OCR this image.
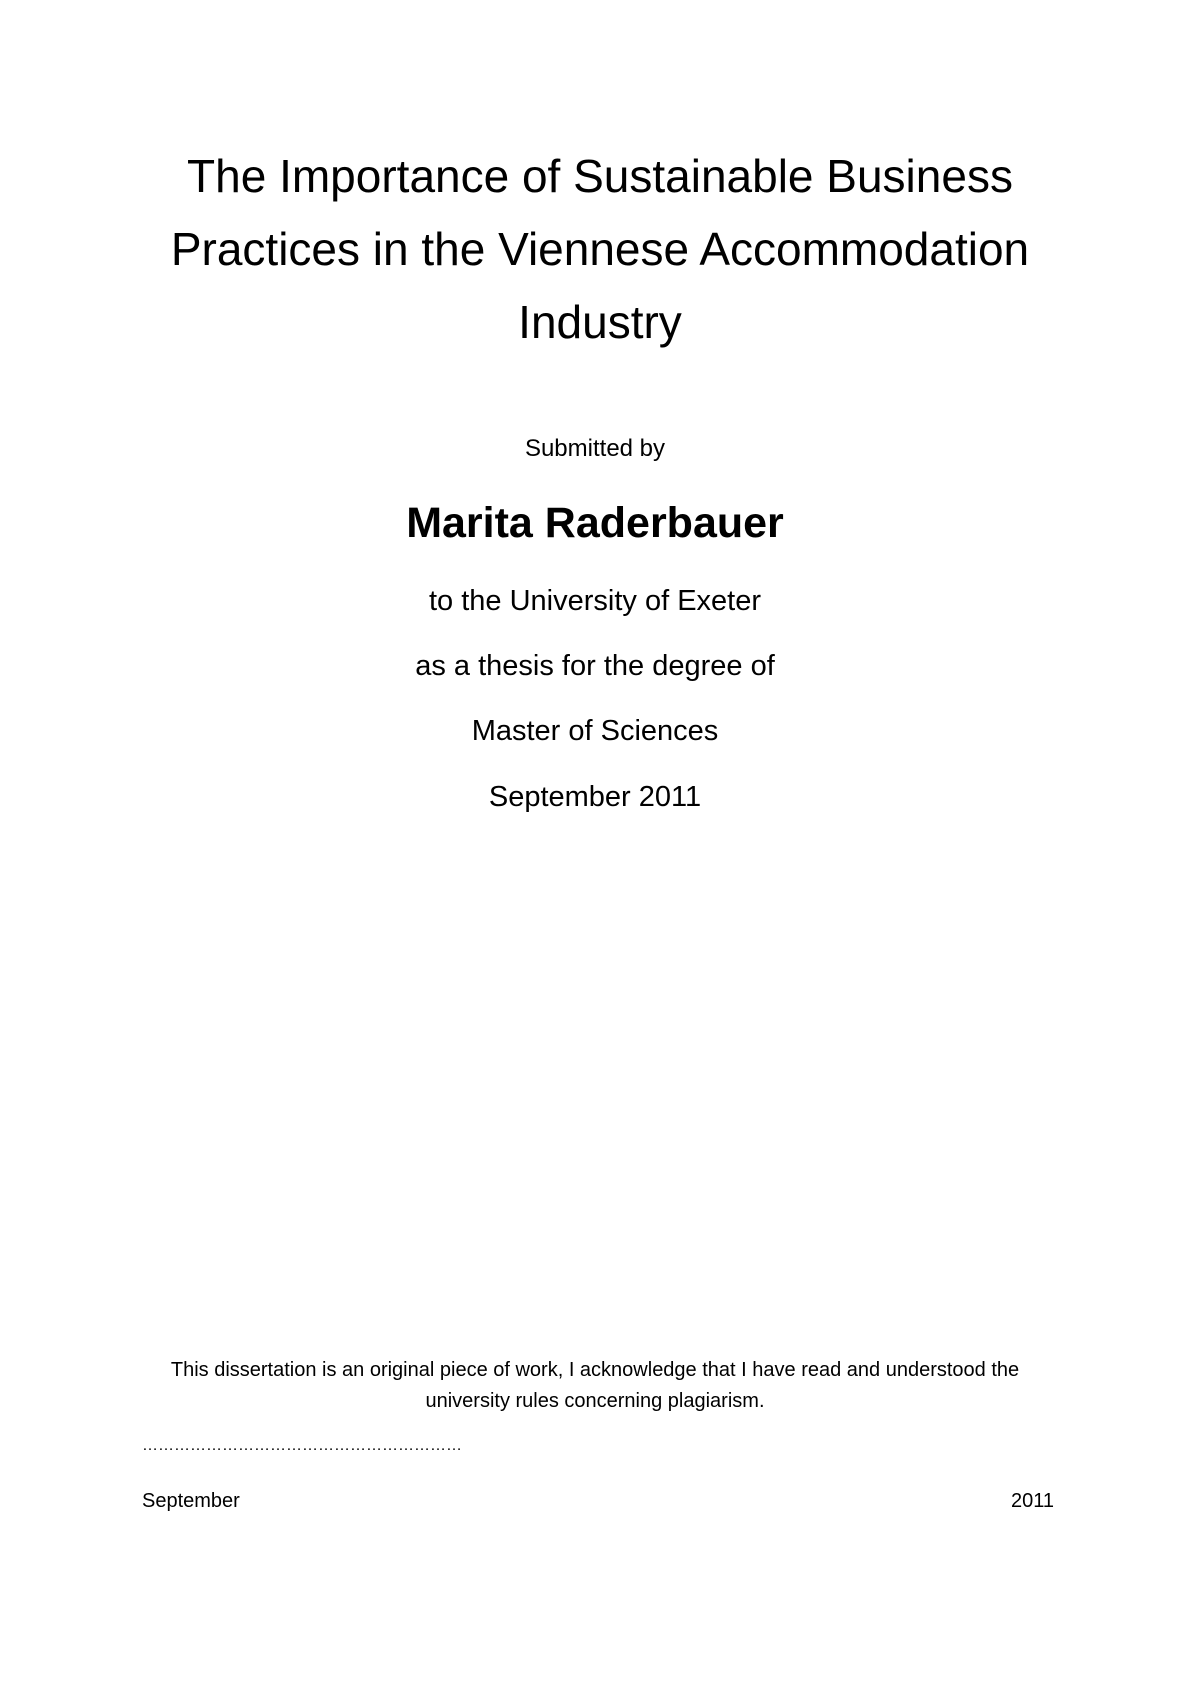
The Importance of Sustainable Business
Practices in the Viennese Accommodation
Industry
Submitted by
Marita Raderbauer
to the University of Exeter
as a thesis for the degree of
Master of Sciences
September 2011
This dissertation is an original piece of work, I acknowledge that I have read and understood the university rules concerning plagiarism.
……………………………………………………
September	2011
